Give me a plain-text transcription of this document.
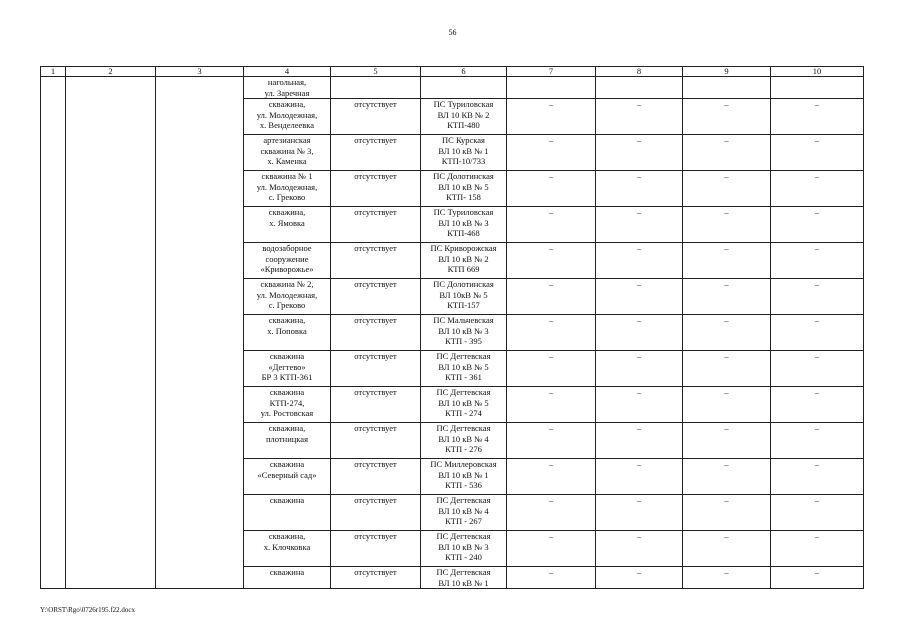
56
1	2	3	4	5	6	7	8	9	10
			нагольная,
ул. Заречная						
			скважина,
ул. Молодежная,
х. Венделеевка	отсутствует	ПС Туриловская
ВЛ 10 КВ № 2
КТП-480	–	–	–	–
			артезианская
скважина № 3,
х. Каменка	отсутствует	ПС Курская
ВЛ 10 кВ № 1
КТП-10/733	–	–	–	–
			скважина № 1
ул. Молодежная,
с. Греково	отсутствует	ПС Долотинская
ВЛ 10 кВ № 5
КТП- 158	–	–	–	–
			скважина,
х. Ямовка	отсутствует	ПС Туриловская
ВЛ 10 кВ № 3
КТП-468	–	–	–	–
			водозаборное
сооружение
«Криворожье»	отсутствует	ПС Криворожская
ВЛ 10 кВ № 2
КТП 669	–	–	–	–
			скважина № 2,
ул. Молодежная,
с. Греково	отсутствует	ПС Долотинская
ВЛ 10кВ № 5
КТП-157	–	–	–	–
			скважина,
х. Поповка	отсутствует	ПС Мальчевская
ВЛ 10 кВ № 3
КТП - 395	–	–	–	–
			скважина
«Дегтево»
БР 3 КТП-361	отсутствует	ПС Дегтевская
ВЛ 10 кВ № 5
КТП - 361	–	–	–	–
			скважина
КТП-274,
ул. Ростовская	отсутствует	ПС Дегтевская
ВЛ 10 кВ № 5
КТП - 274	–	–	–	–
			скважина,
плотницкая	отсутствует	ПС Дегтевская
ВЛ 10 кВ № 4
КТП - 276	–	–	–	–
			скважина
«Северный сад»	отсутствует	ПС Миллеровская
ВЛ 10 кВ № 1
КТП - 536	–	–	–	–
			скважина	отсутствует	ПС Дегтевская
ВЛ 10 кВ № 4
КТП - 267	–	–	–	–
			скважина,
х. Клочковка	отсутствует	ПС Дегтевская
ВЛ 10 кВ № 3
КТП - 240	–	–	–	–
			скважина	отсутствует	ПС Дегтевская
ВЛ 10 кВ № 1	–	–	–	–
Y:\ORST\Rgo\0726r195.f22.docx
